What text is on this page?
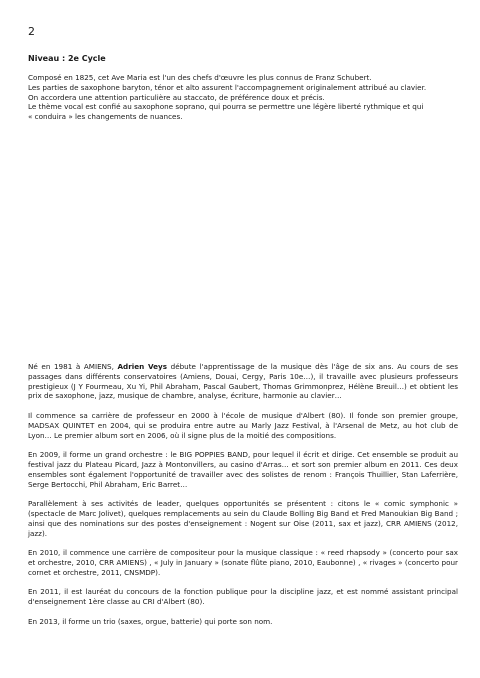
2
Niveau : 2e Cycle
Composé en 1825, cet Ave Maria est l'un des chefs d'œuvre les plus connus de Franz Schubert.
Les parties de saxophone baryton, ténor et alto assurent l'accompagnement originalement attribué au clavier.
On accordera une attention particulière au staccato, de préférence doux et précis.
Le thème vocal est confié au saxophone soprano, qui pourra se permettre une légère liberté rythmique et qui
« conduira » les changements de nuances.

Né en 1981 à AMIENS, Adrien Veys débute l'apprentissage de la musique dès l'âge de six ans. Au cours de ses passages dans différents conservatoires (Amiens, Douai, Cergy, Paris 10e…), il travaille avec plusieurs professeurs prestigieux (J Y Fourmeau, Xu Yi, Phil Abraham, Pascal Gaubert, Thomas Grimmonprez, Hélène Breuil…) et obtient les prix de saxophone, jazz, musique de chambre, analyse, écriture, harmonie au clavier…

Il commence sa carrière de professeur en 2000 à l'école de musique d'Albert (80). Il fonde son premier groupe, MADSAX QUINTET en 2004, qui se produira entre autre au Marly Jazz Festival, à l'Arsenal de Metz, au hot club de Lyon… Le premier album sort en 2006, où il signe plus de la moitié des compositions.

En 2009, il forme un grand orchestre : le BIG POPPIES BAND, pour lequel il écrit et dirige. Cet ensemble se produit au festival jazz du Plateau Picard, Jazz à Montonvillers, au casino d'Arras… et sort son premier album en 2011. Ces deux ensembles sont également l'opportunité de travailler avec des solistes de renom : François Thuillier, Stan Laferrière, Serge Bertocchi, Phil Abraham, Eric Barret…

Parallèlement à ses activités de leader, quelques opportunités se présentent : citons le « comic symphonic » (spectacle de Marc Jolivet), quelques remplacements au sein du Claude Bolling Big Band et Fred Manoukian Big Band ; ainsi que des nominations sur des postes d'enseignement : Nogent sur Oise (2011, sax et jazz), CRR AMIENS (2012, jazz).

En 2010, il commence une carrière de compositeur pour la musique classique : « reed rhapsody » (concerto pour sax et orchestre, 2010, CRR AMIENS) , « July in January » (sonate flûte piano, 2010, Eaubonne) , « rivages » (concerto pour cornet et orchestre, 2011, CNSMDP).

En 2011, il est lauréat du concours de la fonction publique pour la discipline jazz, et est nommé assistant principal d'enseignement 1ère classe au CRI d'Albert (80).

En 2013, il forme un trio (saxes, orgue, batterie) qui porte son nom.
